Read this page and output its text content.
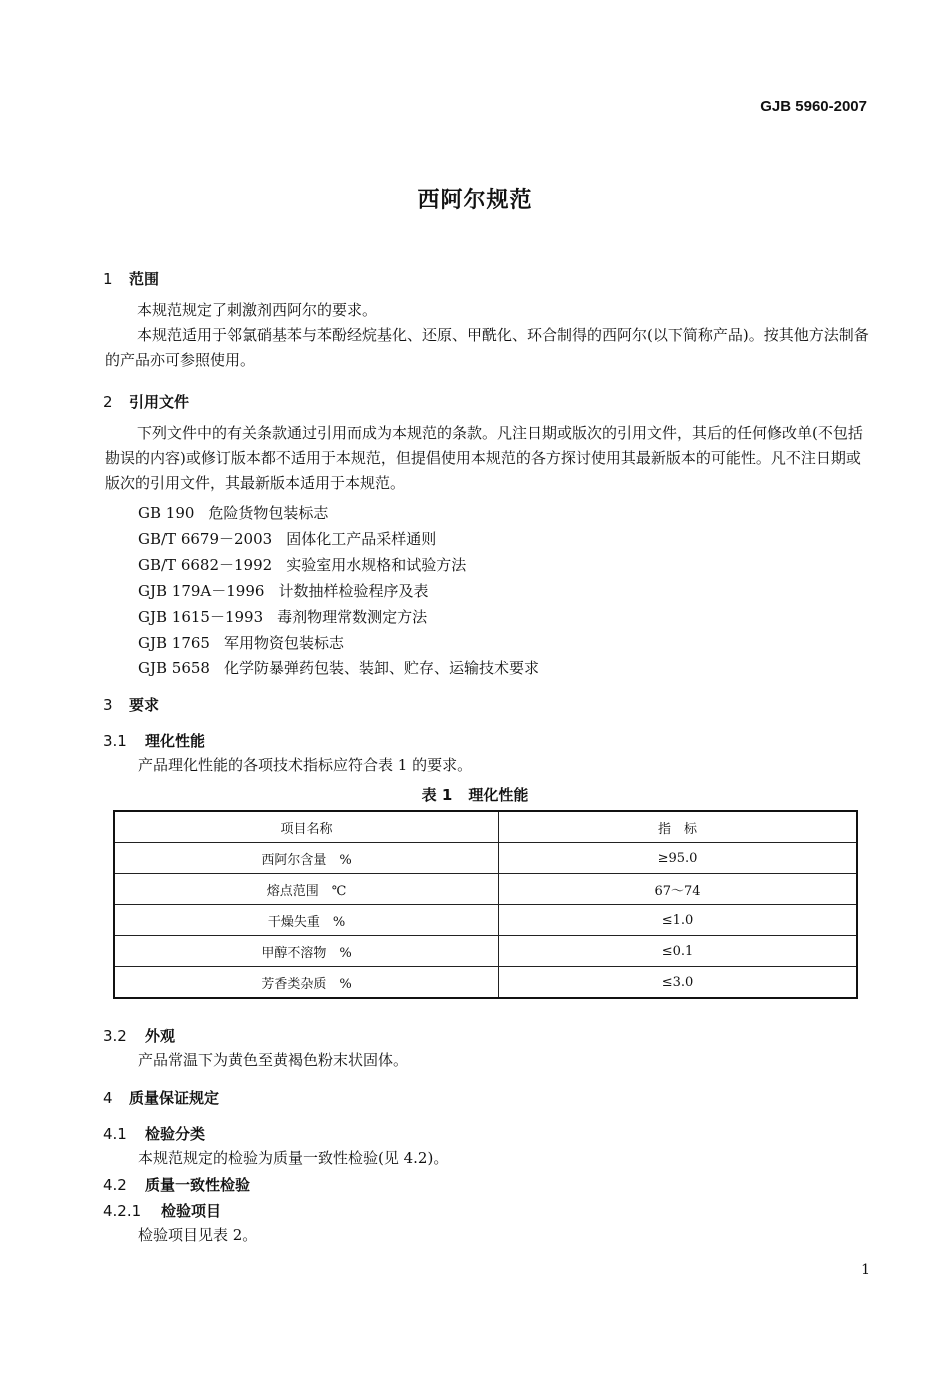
GJB 5960-2007
西阿尔规范
1 范围

本规范规定了刺激剂西阿尔的要求。

本规范适用于邻氯硝基苯与苯酚经烷基化、还原、甲酰化、环合制得的西阿尔(以下简称产品)。按其他方法制备的产品亦可参照使用。

2 引用文件

下列文件中的有关条款通过引用而成为本规范的条款。凡注日期或版次的引用文件，其后的任何修改单(不包括勘误的内容)或修订版本都不适用于本规范，但提倡使用本规范的各方探讨使用其最新版本的可能性。凡不注日期或版次的引用文件，其最新版本适用于本规范。

GB 190 危险货物包装标志
GB/T 6679－2003 固体化工产品采样通则
GB/T 6682－1992 实验室用水规格和试验方法
GJB 179A－1996 计数抽样检验程序及表
GJB 1615－1993 毒剂物理常数测定方法
GJB 1765 军用物资包装标志
GJB 5658 化学防暴弹药包装、装卸、贮存、运输技术要求
3 要求
3.1 理化性能
产品理化性能的各项技术指标应符合表 1 的要求。
表 1 理化性能
项目名称	指　标
西阿尔含量　%	≥95.0
熔点范围　℃	67～74
干燥失重　%	≤1.0
甲醇不溶物　%	≤0.1
芳香类杂质　%	≤3.0
3.2 外观
产品常温下为黄色至黄褐色粉末状固体。
4 质量保证规定
4.1 检验分类
本规范规定的检验为质量一致性检验(见 4.2)。
4.2 质量一致性检验
4.2.1 检验项目
检验项目见表 2。
1
